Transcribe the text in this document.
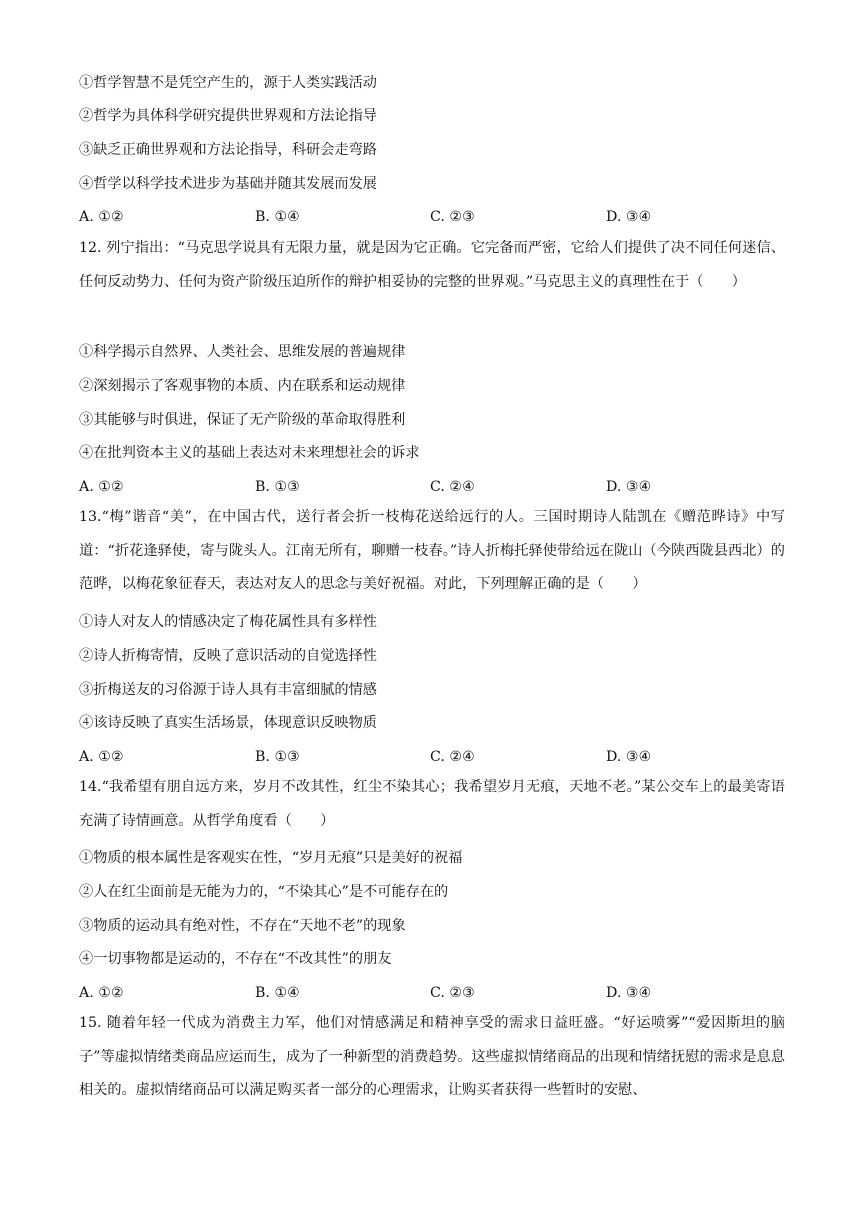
①哲学智慧不是凭空产生的，源于人类实践活动
②哲学为具体科学研究提供世界观和方法论指导
③缺乏正确世界观和方法论指导，科研会走弯路
④哲学以科学技术进步为基础并随其发展而发展
A. ①②	B. ①④	C. ②③	D. ③④
12. 列宁指出：“马克思学说具有无限力量，就是因为它正确。它完备而严密，它给人们提供了决不同任何迷信、任何反动势力、任何为资产阶级压迫所作的辩护相妥协的完整的世界观。”马克思主义的真理性在于（　　）
①科学揭示自然界、人类社会、思维发展的普遍规律
②深刻揭示了客观事物的本质、内在联系和运动规律
③其能够与时俱进，保证了无产阶级的革命取得胜利
④在批判资本主义的基础上表达对未来理想社会的诉求
A. ①②	B. ①③	C. ②④	D. ③④
13.“梅”谐音“美”，在中国古代，送行者会折一枝梅花送给远行的人。三国时期诗人陆凯在《赠范晔诗》中写道：“折花逢驿使，寄与陇头人。江南无所有，聊赠一枝春。”诗人折梅托驿使带给远在陇山（今陕西陇县西北）的范晔，以梅花象征春天，表达对友人的思念与美好祝福。对此，下列理解正确的是（　　）
①诗人对友人的情感决定了梅花属性具有多样性
②诗人折梅寄情，反映了意识活动的自觉选择性
③折梅送友的习俗源于诗人具有丰富细腻的情感
④该诗反映了真实生活场景，体现意识反映物质
A. ①②	B. ①③	C. ②④	D. ③④
14.“我希望有朋自远方来，岁月不改其性，红尘不染其心；我希望岁月无痕，天地不老。”某公交车上的最美寄语充满了诗情画意。从哲学角度看（　　）
①物质的根本属性是客观实在性，“岁月无痕”只是美好的祝福
②人在红尘面前是无能为力的，“不染其心”是不可能存在的
③物质的运动具有绝对性，不存在“天地不老”的现象
④一切事物都是运动的，不存在“不改其性”的朋友
A. ①②	B. ①④	C. ②③	D. ③④
15. 随着年轻一代成为消费主力军，他们对情感满足和精神享受的需求日益旺盛。“好运喷雾”“爱因斯坦的脑子”等虚拟情绪类商品应运而生，成为了一种新型的消费趋势。这些虚拟情绪商品的出现和情绪抚慰的需求是息息相关的。虚拟情绪商品可以满足购买者一部分的心理需求，让购买者获得一些暂时的安慰、
